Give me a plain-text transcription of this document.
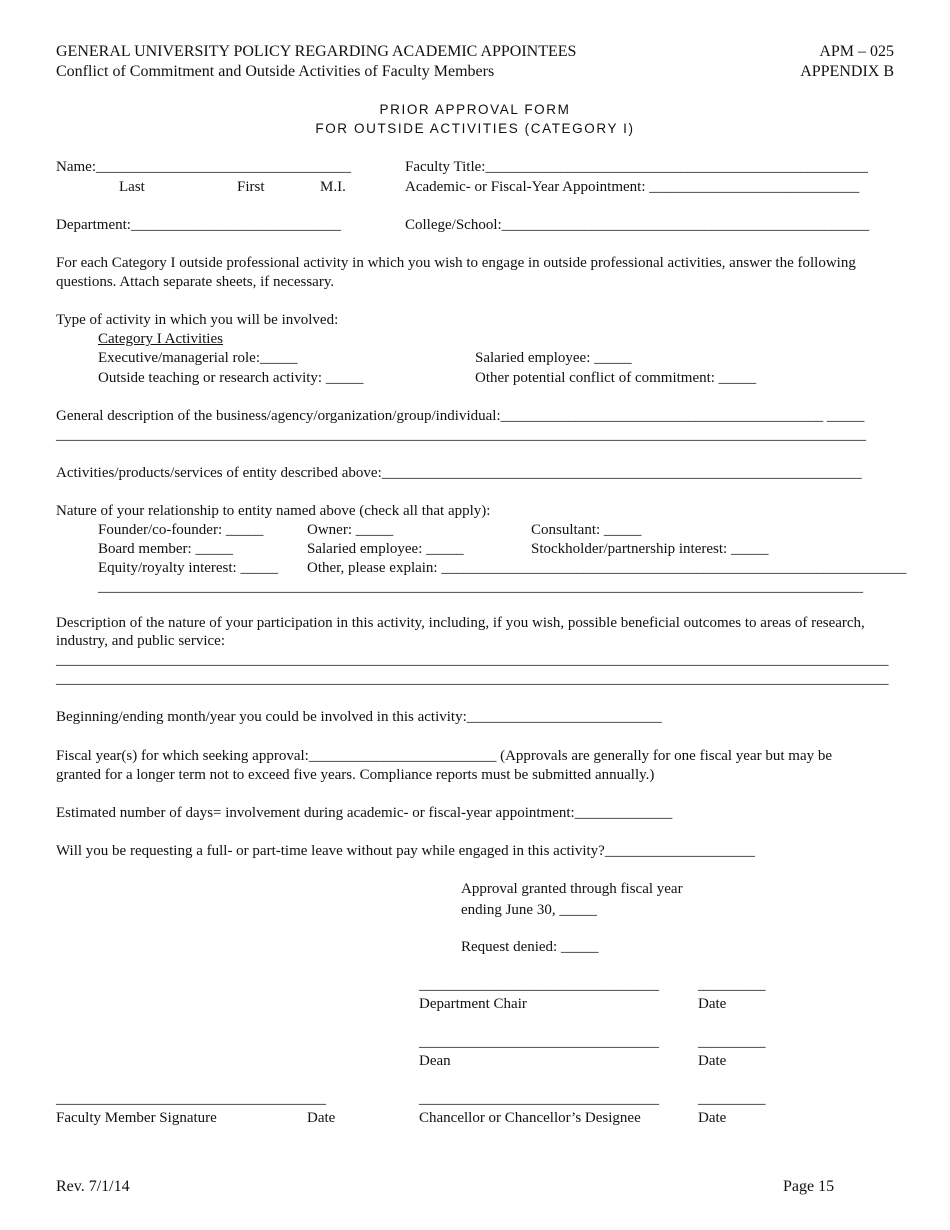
GENERAL UNIVERSITY POLICY REGARDING ACADEMIC APPOINTEES
Conflict of Commitment and Outside Activities of Faculty Members
APM – 025
APPENDIX B
PRIOR APPROVAL FORM
FOR OUTSIDE ACTIVITIES (CATEGORY I)
Name:__________________________________	Faculty Title:___________________________________________________
Last	First	M.I.	Academic- or Fiscal-Year Appointment: ____________________________
Department:____________________________	College/School:_________________________________________________
For each Category I outside professional activity in which you wish to engage in outside professional activities, answer the following
questions. Attach separate sheets, if necessary.
Type of activity in which you will be involved:
Category I Activities
Executive/managerial role:_____	Salaried employee: _____
Outside teaching or research activity: _____	Other potential conflict of commitment: _____
General description of the business/agency/organization/group/individual:___________________________________________ _____
____________________________________________________________________________________________________________
Activities/products/services of entity described above:________________________________________________________________
Nature of your relationship to entity named above (check all that apply):
Founder/co-founder: _____	Owner: _____	Consultant: _____
Board member: _____	Salaried employee: _____	Stockholder/partnership interest: _____
Equity/royalty interest: _____ Other, please explain: ______________________________________________________________
______________________________________________________________________________________________________
Description of the nature of your participation in this activity, including, if you wish, possible beneficial outcomes to areas of research,
industry, and public service:
_______________________________________________________________________________________________________________
_______________________________________________________________________________________________________________
Beginning/ending month/year you could be involved in this activity:__________________________
Fiscal year(s) for which seeking approval:_________________________ (Approvals are generally for one fiscal year but may be
granted for a longer term not to exceed five years. Compliance reports must be submitted annually.)
Estimated number of days= involvement during academic- or fiscal-year appointment:_____________
Will you be requesting a full- or part-time leave without pay while engaged in this activity?____________________
Approval granted through fiscal year
ending June 30, _____
Request denied: _____
________________________________	_________
Department Chair	Date
________________________________	_________
Dean	Date
____________________________________	________________________________	_________
Faculty Member Signature	Date	Chancellor or Chancellor’s Designee	Date
Rev. 7/1/14	Page 15
